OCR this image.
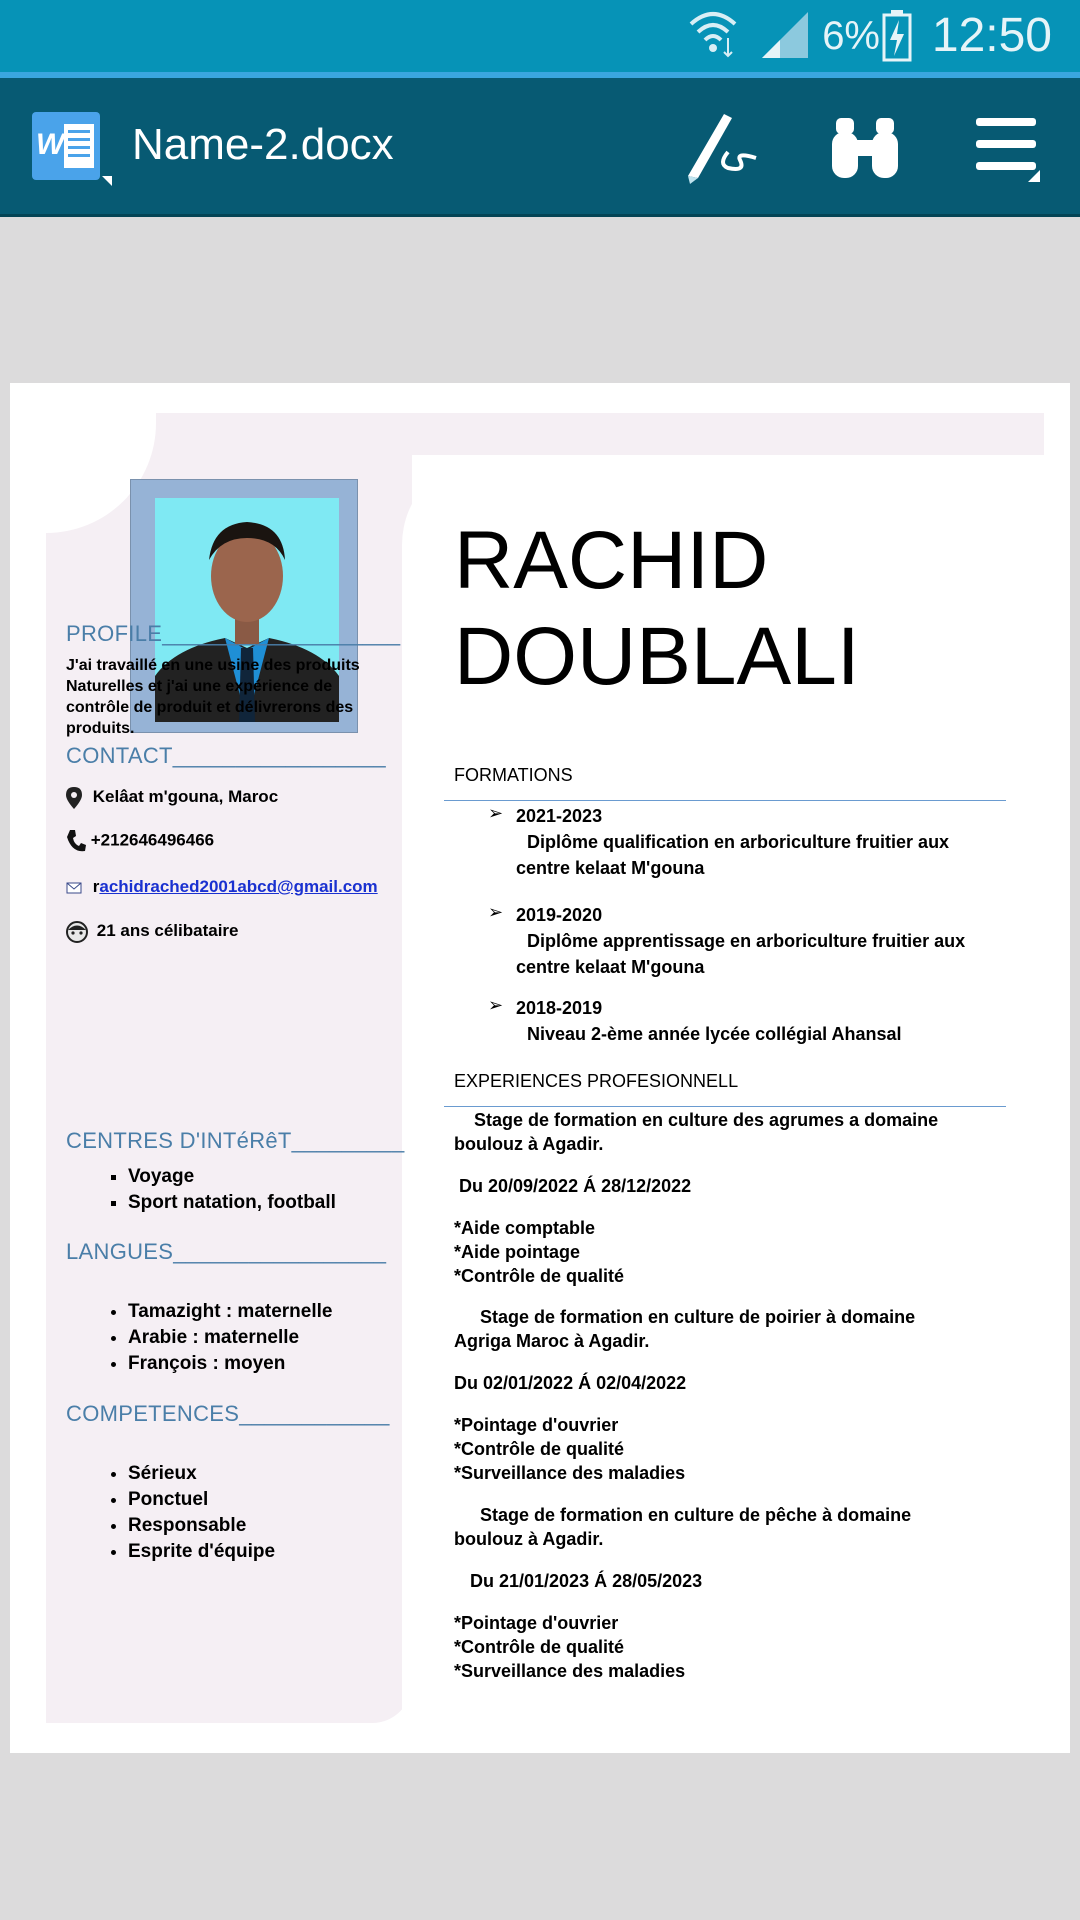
6% 12:50
W Name-2.docx
PROFILE___________________
J'ai travaillé en une usine des produits Naturelles et j'ai une expérience de contrôle de produit et délivrerons des produits.
CONTACT_________________
Kelâat m'gouna, Maroc
+212646496466
rachidrached2001abcd@gmail.com
21 ans célibataire
CENTRES D'INTéRêT_________
▪ Voyage
▪ Sport natation, football
LANGUES_________________
• Tamazight : maternelle
• Arabie : maternelle
• François : moyen
COMPETENCES____________
• Sérieux
• Ponctuel
• Responsable
• Esprite d'équipe
RACHID
DOUBLALI
FORMATIONS
➢ 2021-2023
Diplôme qualification en arboriculture fruitier aux
centre kelaat M'gouna
➢ 2019-2020
Diplôme apprentissage en arboriculture fruitier aux
centre kelaat M'gouna
➢ 2018-2019
Niveau 2-ème année lycée collégial Ahansal
EXPERIENCES PROFESIONNELL
Stage de formation en culture des agrumes a domaine
boulouz à Agadir.
Du 20/09/2022 Á 28/12/2022
*Aide comptable
*Aide pointage
*Contrôle de qualité
Stage de formation en culture de poirier à domaine
Agriga Maroc à Agadir.
Du 02/01/2022 Á 02/04/2022
*Pointage d'ouvrier
*Contrôle de qualité
*Surveillance des maladies
Stage de formation en culture de pêche à domaine
boulouz à Agadir.
Du 21/01/2023 Á 28/05/2023
*Pointage d'ouvrier
*Contrôle de qualité
*Surveillance des maladies
